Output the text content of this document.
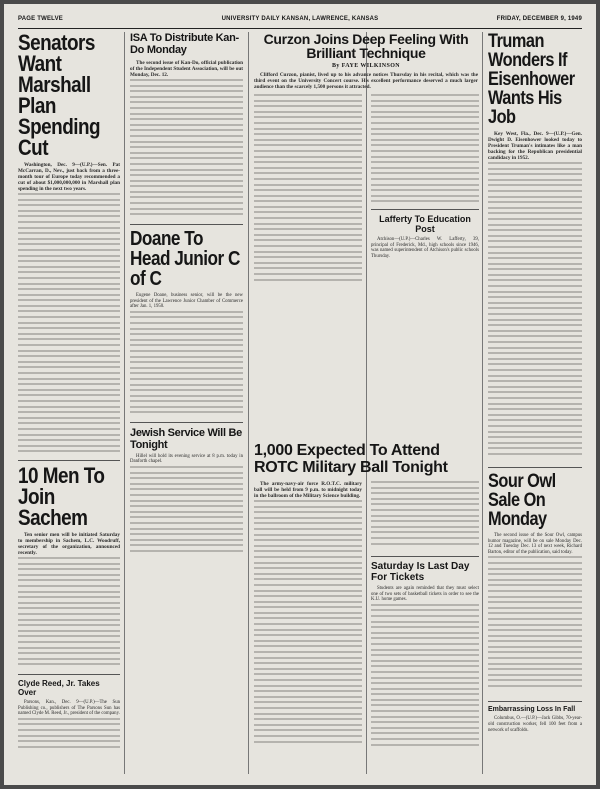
PAGE TWELVE	UNIVERSITY DAILY KANSAN, LAWRENCE, KANSAS	FRIDAY, DECEMBER 9, 1949
Senators Want Marshall Plan Spending Cut

Washington, Dec. 9—(U.P.)—Sen. Pat McCarran, D., Nev., just back from a three-month tour of Europe today recommended a cut of about $1,000,000,000 in Marshall plan spending in the next two years.

10 Men To Join Sachem

Ten senior men will be initiated Saturday to membership in Sachem, L.C. Woodruff, secretary of the organization, announced recently.

Clyde Reed, Jr. Takes Over

Parsons, Kan., Dec. 9—(U.P.)—The Sun Publishing co., publishers of The Parsons Sun has named Clyde M. Reed, Jr., president of the company.

ISA To Distribute Kan-Do Monday

The second issue of Kan-Do, official publication of the Independent Student Association, will be out Monday, Dec. 12.

Doane To Head Junior C of C

Eugene Doane, business senior, will be the new president of the Lawrence Junior Chamber of Commerce after Jan. 1, 1950.

Jewish Service Will Be Tonight

Hillel will hold its evening service at 8 p.m. today in Danforth chapel.

Curzon Joins Deep Feeling With Brilliant Technique
By FAYE WILKINSON

Clifford Curzon, pianist, lived up to his advance notices Thursday in his recital, which was the third event on the University Concert course. His excellent performance deserved a much larger audience than the scarcely 1,500 persons it attracted.

Lafferty To Education Post

Atchison—(U.P.)—Charles W. Lafferty, 39, principal of Frederick, Md., high schools since 1946, was named superintendent of Atchison's public schools Thursday.

1,000 Expected To Attend ROTC Military Ball Tonight

The army-navy-air force R.O.T.C. military ball will be held from 9 p.m. to midnight today in the ballroom of the Military Science building.

Saturday Is Last Day For Tickets

Students are again reminded that they must select one of two sets of basketball tickets in order to see the K.U. home games.

Truman Wonders If Eisenhower Wants His Job

Key West, Fla., Dec. 9—(U.P.)—Gen. Dwight D. Eisenhower looked today to President Truman's intimates like a man backing for the Republican presidential candidacy in 1952.

Sour Owl Sale On Monday

The second issue of the Sour Owl, campus humor magazine, will be on sale Monday Dec. 12 and Tuesday Dec. 13 of next week, Richard Barton, editor of the publication, said today.

Embarrassing Loss In Fall

Columbus, O.—(U.P.)—Jack Gibbs, 70-year-old construction worker, fell 100 feet from a network of scaffolds.
